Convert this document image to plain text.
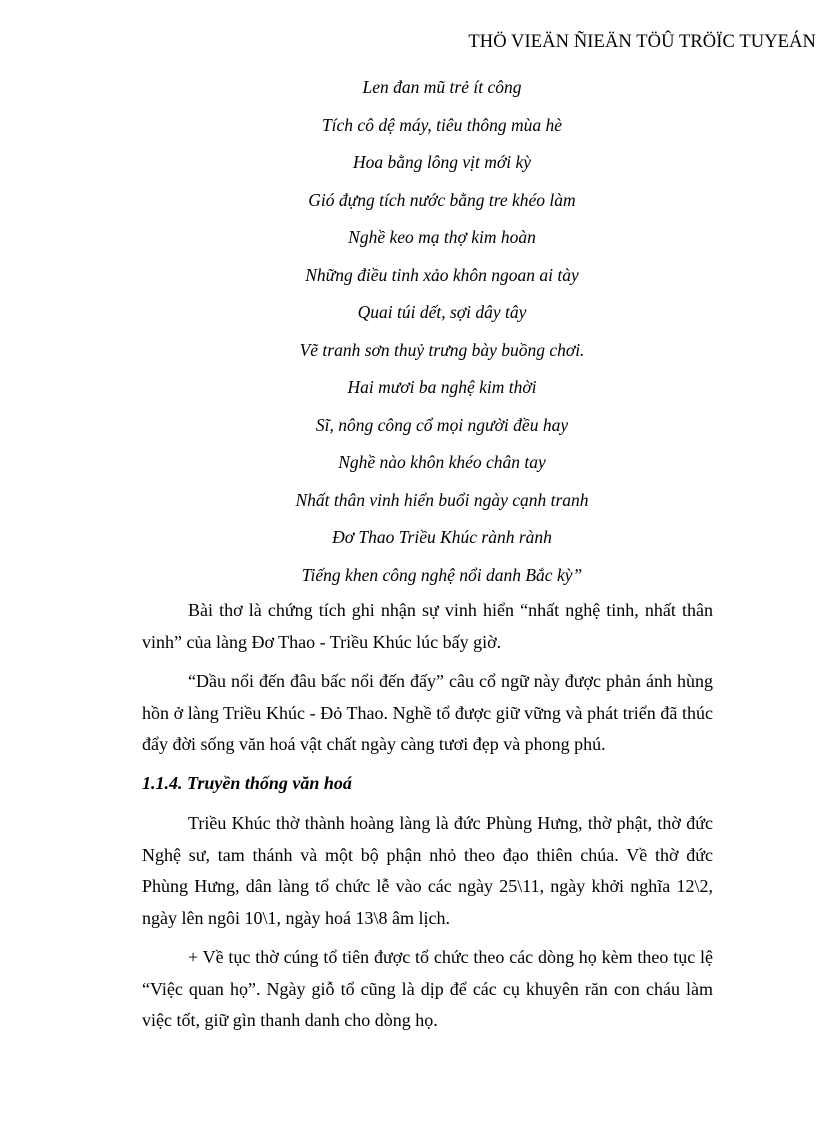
THÖ VIEÄN ÑIEÄN TÖÛ TRÖÏC TUYEÁN
Len đan mũ trẻ ít công
Tích cô dệ máy, tiêu thông mùa hè
Hoa bằng lông vịt mới kỳ
Gió đựng tích nước bằng tre khéo làm
Nghề keo mạ thợ kim hoàn
Những điều tinh xảo khôn ngoan ai tày
Quai túi dết, sợi dây tây
Vẽ tranh sơn thuỷ trưng bày buồng chơi.
Hai mươi ba nghệ kim thời
Sĩ, nông công cổ mọi người đều hay
Nghề nào khôn khéo chân tay
Nhất thân vinh hiển buổi ngày cạnh tranh
Đơ Thao Triều Khúc rành rành
Tiếng khen công nghệ nổi danh Bắc kỳ”

Bài thơ là chứng tích ghi nhận sự vinh hiển “nhất nghệ tinh, nhất thân vinh” của làng Đơ Thao - Triều Khúc lúc bấy giờ.

“Dầu nổi đến đâu bấc nổi đến đấy” câu cổ ngữ này được phản ánh hùng hồn ở làng Triều Khúc - Đỏ Thao. Nghề tổ được giữ vững và phát triển đã thúc đẩy đời sống văn hoá vật chất ngày càng tươi đẹp và phong phú.

1.1.4. Truyền thống văn hoá

Triều Khúc thờ thành hoàng làng là đức Phùng Hưng, thờ phật, thờ đức Nghệ sư, tam thánh và một bộ phận nhỏ theo đạo thiên chúa. Về thờ đức Phùng Hưng, dân làng tổ chức lễ vào các ngày 25\11, ngày khởi nghĩa 12\2, ngày lên ngôi 10\1, ngày hoá 13\8 âm lịch.

+ Về tục thờ cúng tổ tiên được tổ chức theo các dòng họ kèm theo tục lệ “Việc quan họ”. Ngày giỗ tổ cũng là dịp để các cụ khuyên răn con cháu làm việc tốt, giữ gìn thanh danh cho dòng họ.
